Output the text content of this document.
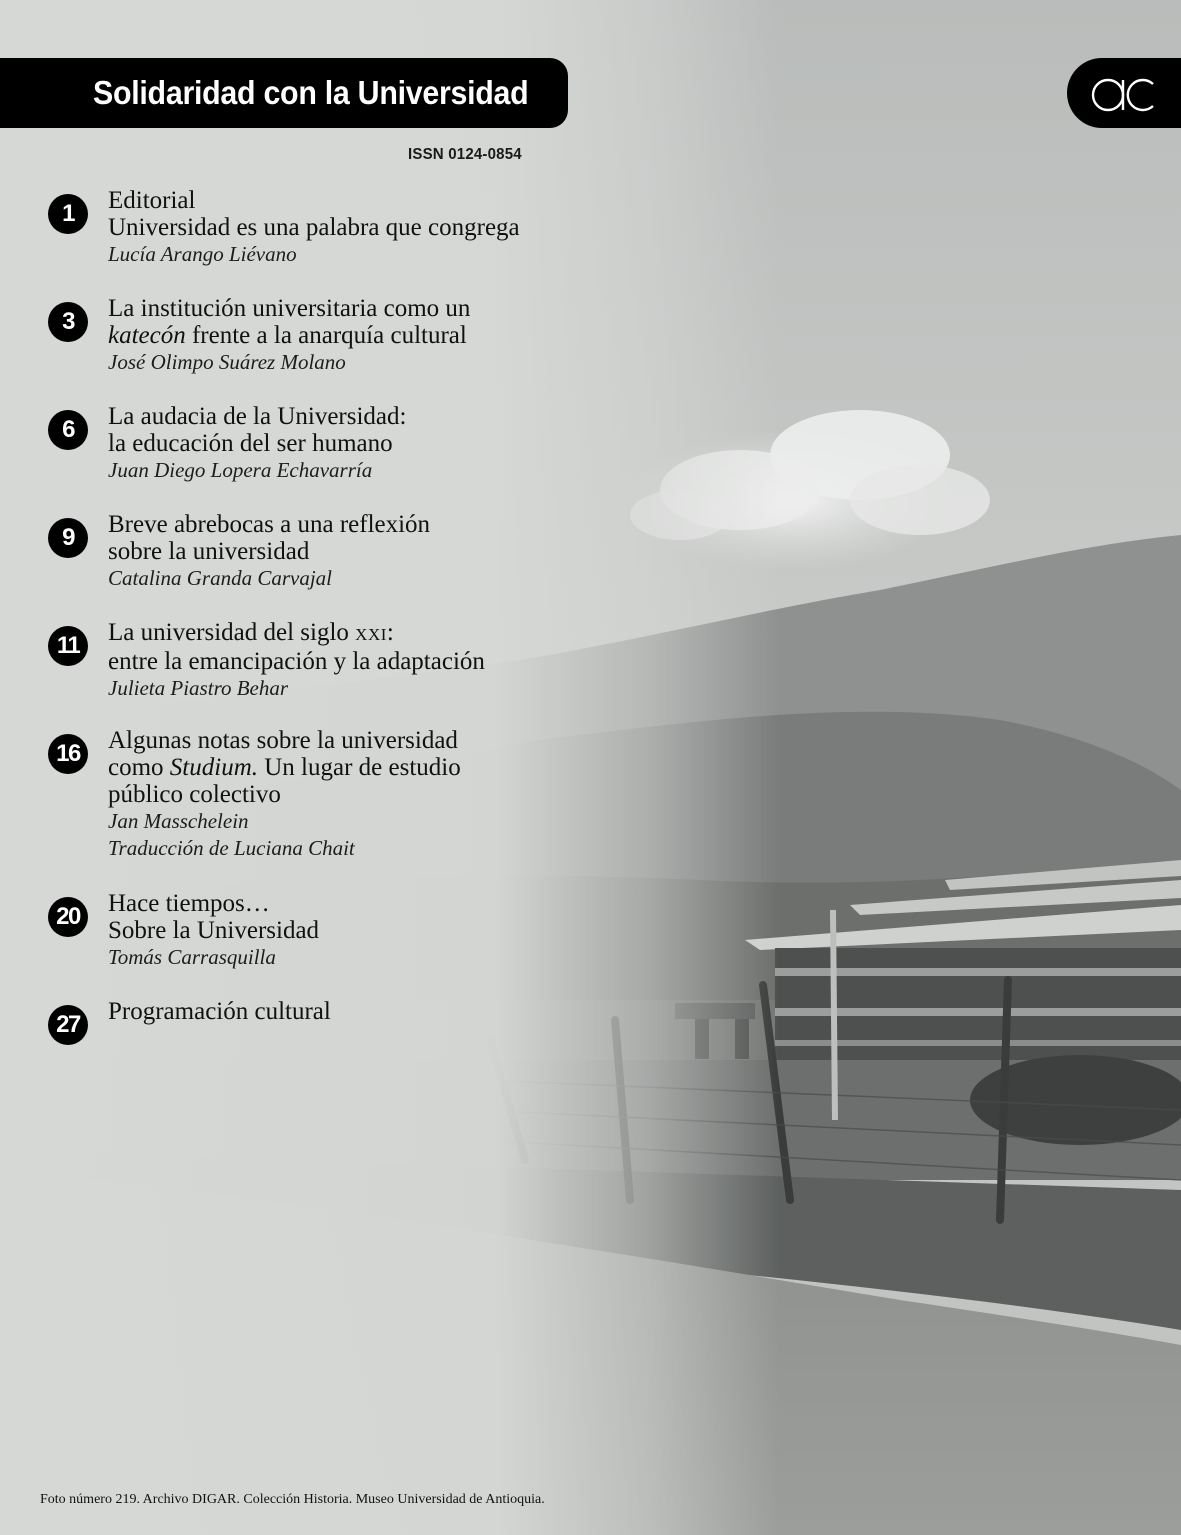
Solidaridad con la Universidad
ISSN 0124-0854
1	Editorial
Universidad es una palabra que congrega
Lucía Arango Liévano
3	La institución universitaria como un
katecón frente a la anarquía cultural
José Olimpo Suárez Molano
6	La audacia de la Universidad:
la educación del ser humano
Juan Diego Lopera Echavarría
9	Breve abrebocas a una reflexión
sobre la universidad
Catalina Granda Carvajal
11	La universidad del siglo XXI:
entre la emancipación y la adaptación
Julieta Piastro Behar
16	Algunas notas sobre la universidad
como Studium. Un lugar de estudio
público colectivo
Jan Masschelein
Traducción de Luciana Chait
20	Hace tiempos…
Sobre la Universidad
Tomás Carrasquilla
27	Programación cultural
Foto número 219. Archivo DIGAR. Colección Historia. Museo Universidad de Antioquia.
